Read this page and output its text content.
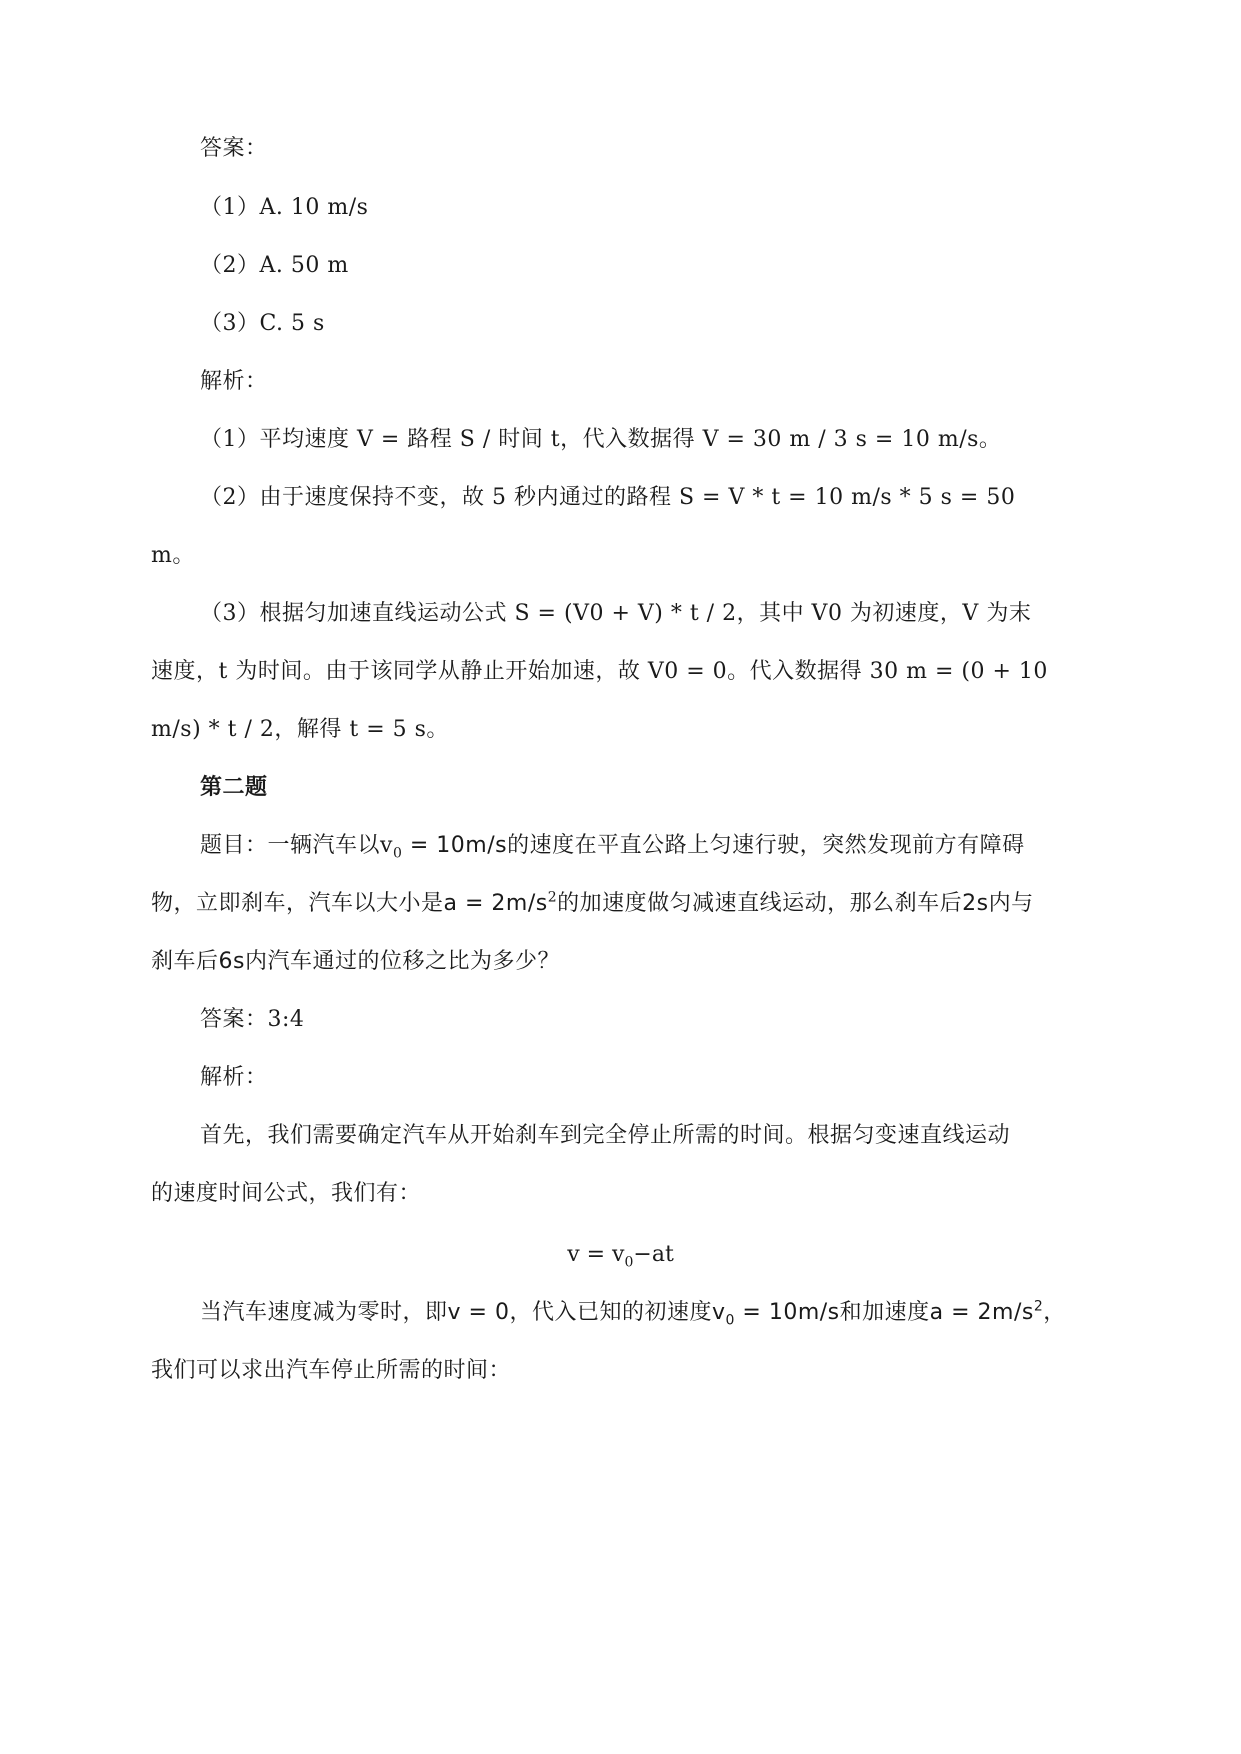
答案：
（1）A. 10 m/s
（2）A. 50 m
（3）C. 5 s
解析：
（1）平均速度 V = 路程 S / 时间 t，代入数据得 V = 30 m / 3 s = 10 m/s。
（2）由于速度保持不变，故 5 秒内通过的路程 S = V * t = 10 m/s * 5 s = 50
m。
（3）根据匀加速直线运动公式 S = (V0 + V) * t / 2，其中 V0 为初速度，V 为末
速度，t 为时间。由于该同学从静止开始加速，故 V0 = 0。代入数据得 30 m = (0 + 10
m/s) * t / 2，解得 t = 5 s。
第二题
题目：一辆汽车以$v_0 = 10m/s$的速度在平直公路上匀速行驶，突然发现前方有障碍
物，立即刹车，汽车以大小是$a = 2m/s^2$的加速度做匀减速直线运动，那么刹车后2s内与
刹车后6s内汽车通过的位移之比为多少？
答案：3:4
解析：
首先，我们需要确定汽车从开始刹车到完全停止所需的时间。根据匀变速直线运动
的速度时间公式，我们有：
$v = v_0-at$
当汽车速度减为零时，即v = 0，代入已知的初速度$v_0 = 10m/s$和加速度$a = 2m/s^2$，
我们可以求出汽车停止所需的时间：
